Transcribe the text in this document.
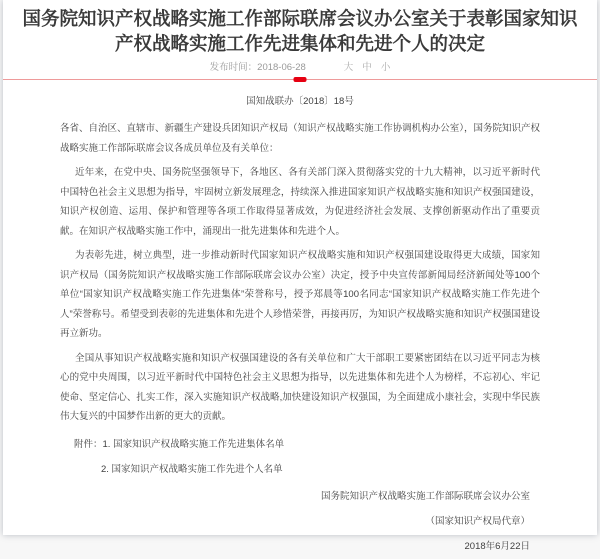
国务院知识产权战略实施工作部际联席会议办公室关于表彰国家知识产权战略实施工作先进集体和先进个人的决定
发布时间：2018-06-28	大 中 小
国知战联办〔2018〕18号

各省、自治区、直辖市、新疆生产建设兵团知识产权局（知识产权战略实施工作协调机构办公室），国务院知识产权战略实施工作部际联席会议各成员单位及有关单位：

近年来，在党中央、国务院坚强领导下，各地区、各有关部门深入贯彻落实党的十九大精神，以习近平新时代中国特色社会主义思想为指导，牢固树立新发展理念，持续深入推进国家知识产权战略实施和知识产权强国建设，知识产权创造、运用、保护和管理等各项工作取得显著成效，为促进经济社会发展、支撑创新驱动作出了重要贡献。在知识产权战略实施工作中，涌现出一批先进集体和先进个人。

为表彰先进，树立典型，进一步推动新时代国家知识产权战略实施和知识产权强国建设取得更大成绩，国家知识产权局（国务院知识产权战略实施工作部际联席会议办公室）决定，授予中央宣传部新闻局经济新闻处等100个单位“国家知识产权战略实施工作先进集体”荣誉称号，授予郑晨等100名同志“国家知识产权战略实施工作先进个人”荣誉称号。希望受到表彰的先进集体和先进个人珍惜荣誉，再接再厉，为知识产权战略实施和知识产权强国建设再立新功。

全国从事知识产权战略实施和知识产权强国建设的各有关单位和广大干部职工要紧密团结在以习近平同志为核心的党中央周围，以习近平新时代中国特色社会主义思想为指导，以先进集体和先进个人为榜样，不忘初心、牢记使命、坚定信心、扎实工作，深入实施知识产权战略,加快建设知识产权强国，为全面建成小康社会，实现中华民族伟大复兴的中国梦作出新的更大的贡献。

附件：1. 国家知识产权战略实施工作先进集体名单
2. 国家知识产权战略实施工作先进个人名单
国务院知识产权战略实施工作部际联席会议办公室
（国家知识产权局代章）
2018年6月22日
